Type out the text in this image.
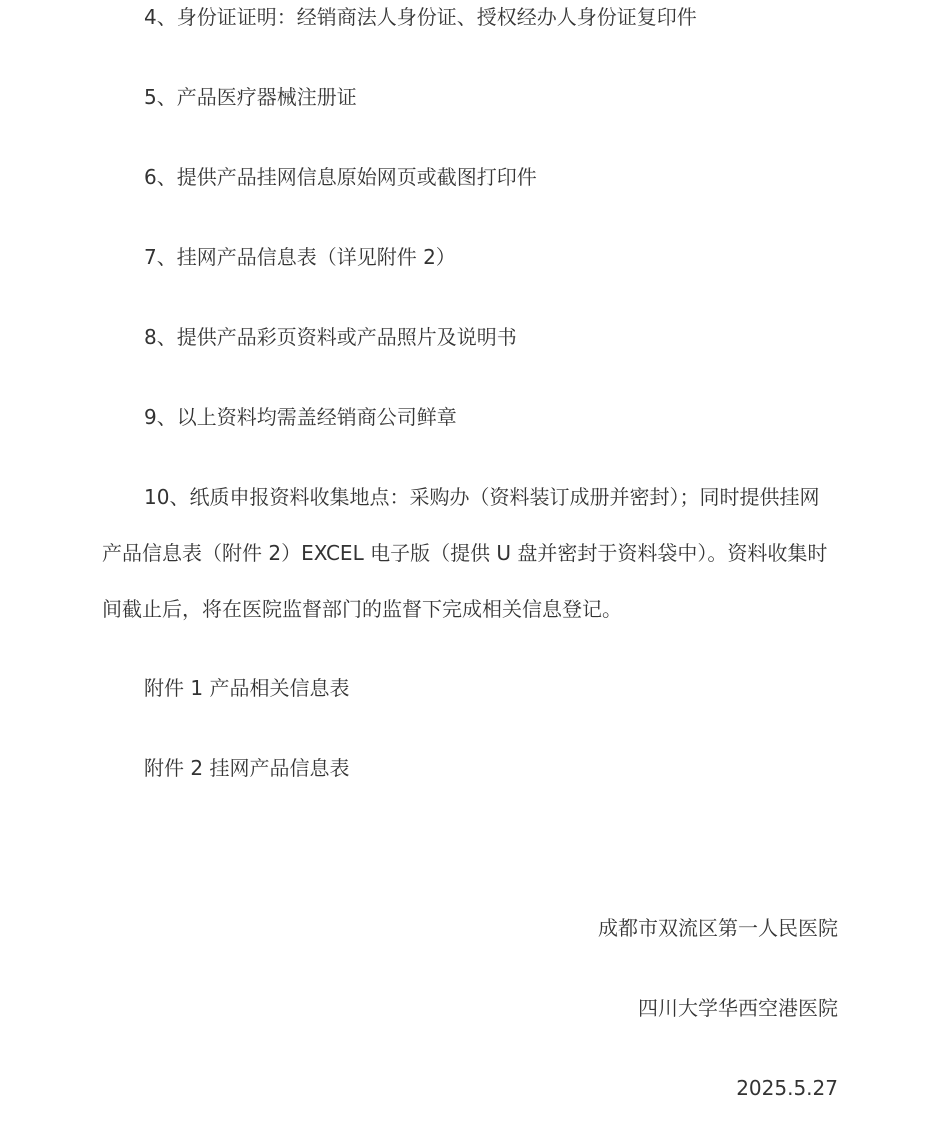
4、身份证证明：经销商法人身份证、授权经办人身份证复印件

5、产品医疗器械注册证

6、提供产品挂网信息原始网页或截图打印件

7、挂网产品信息表（详见附件 2）

8、提供产品彩页资料或产品照片及说明书

9、以上资料均需盖经销商公司鲜章

10、纸质申报资料收集地点：采购办（资料装订成册并密封）；同时提供挂网产品信息表（附件 2）EXCEL 电子版（提供 U 盘并密封于资料袋中）。资料收集时间截止后，将在医院监督部门的监督下完成相关信息登记。

附件 1 产品相关信息表

附件 2 挂网产品信息表

成都市双流区第一人民医院
四川大学华西空港医院
2025.5.27
